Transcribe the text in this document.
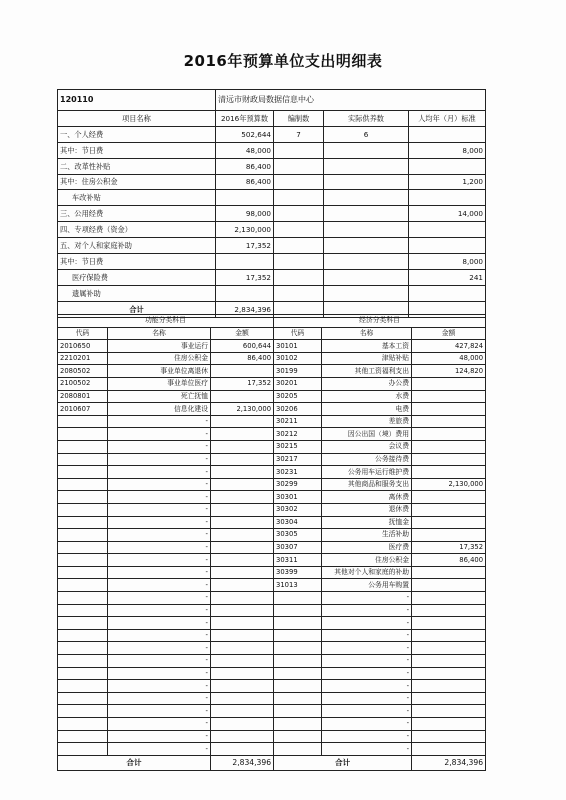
2016年预算单位支出明细表
120110	清远市财政局数据信息中心			
项目名称	2016年预算数	编制数	实际供养数	人均年（月）标准
一、个人经费	502,644	7	6	
其中：节日费	48,000			8,000
二、改革性补贴	86,400			
其中：住房公积金	86,400			1,200
车改补贴				
三、公用经费	98,000			14,000
四、专项经费（资金）	2,130,000			
五、对个人和家庭补助	17,352			
其中：节日费				8,000
医疗保险费	17,352			241
遗属补助				
合计	2,834,396			
功能分类科目			经济分类科目		
代码	名称	金额	代码	名称	金额
2010650	事业运行	600,644	30101	基本工资	427,824
2210201	住房公积金	86,400	30102	津贴补贴	48,000
2080502	事业单位离退休		30199	其他工资福利支出	124,820
2100502	事业单位医疗	17,352	30201	办公费	
2080801	死亡抚恤		30205	水费	
2010607	信息化建设	2,130,000	30206	电费	
	-		30211	差旅费	
	-		30212	因公出国（境）费用	
	-		30215	会议费	
	-		30217	公务接待费	
	-		30231	公务用车运行维护费	
	-		30299	其他商品和服务支出	2,130,000
	-		30301	离休费	
	-		30302	退休费	
	-		30304	抚恤金	
	-		30305	生活补助	
	-		30307	医疗费	17,352
	-		30311	住房公积金	86,400
	-		30399	其他对个人和家庭的补助	
	-		31013	公务用车购置	
	-			-	
	-			-	
	-			-	
	-			-	
	-			-	
	-			-	
	-			-	
	-			-	
	-			-	
	-			-	
	-			-	
	-			-	
	-			-	
合计		2,834,396	合计		2,834,396
